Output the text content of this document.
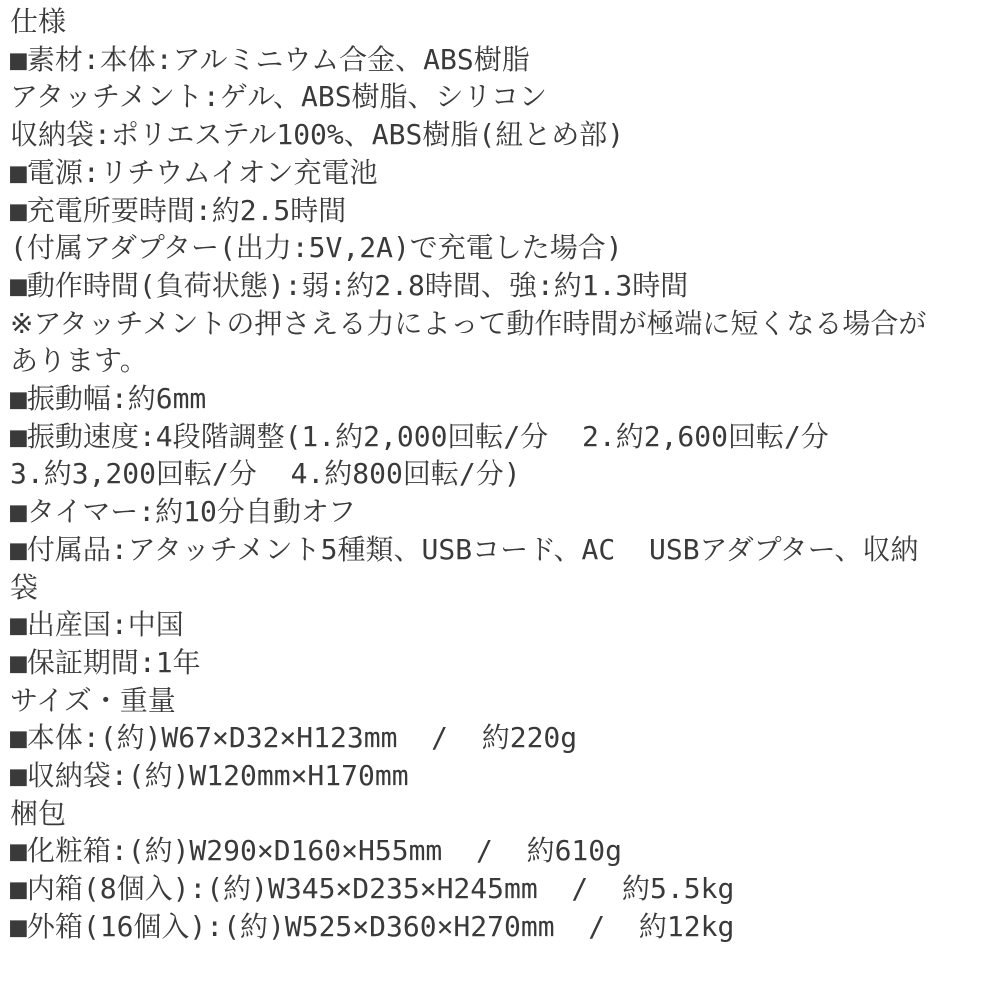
仕様
■素材:本体:アルミニウム合金、ABS樹脂
アタッチメント:ゲル、ABS樹脂、シリコン
収納袋:ポリエステル100%、ABS樹脂(紐とめ部)
■電源:リチウムイオン充電池
■充電所要時間:約2.5時間
(付属アダプター(出力:5V,2A)で充電した場合)
■動作時間(負荷状態):弱:約2.8時間、強:約1.3時間
※アタッチメントの押さえる力によって動作時間が極端に短くなる場合が
あります。
■振動幅:約6mm
■振動速度:4段階調整(1.約2,000回転/分  2.約2,600回転/分
3.約3,200回転/分  4.約800回転/分)
■タイマー:約10分自動オフ
■付属品:アタッチメント5種類、USBコード、AC  USBアダプター、収納
袋
■出産国:中国
■保証期間:1年
サイズ・重量
■本体:(約)W67×D32×H123mm  /  約220g
■収納袋:(約)W120mm×H170mm
梱包
■化粧箱:(約)W290×D160×H55mm  /  約610g
■内箱(8個入):(約)W345×D235×H245mm  /  約5.5kg
■外箱(16個入):(約)W525×D360×H270mm  /  約12kg
